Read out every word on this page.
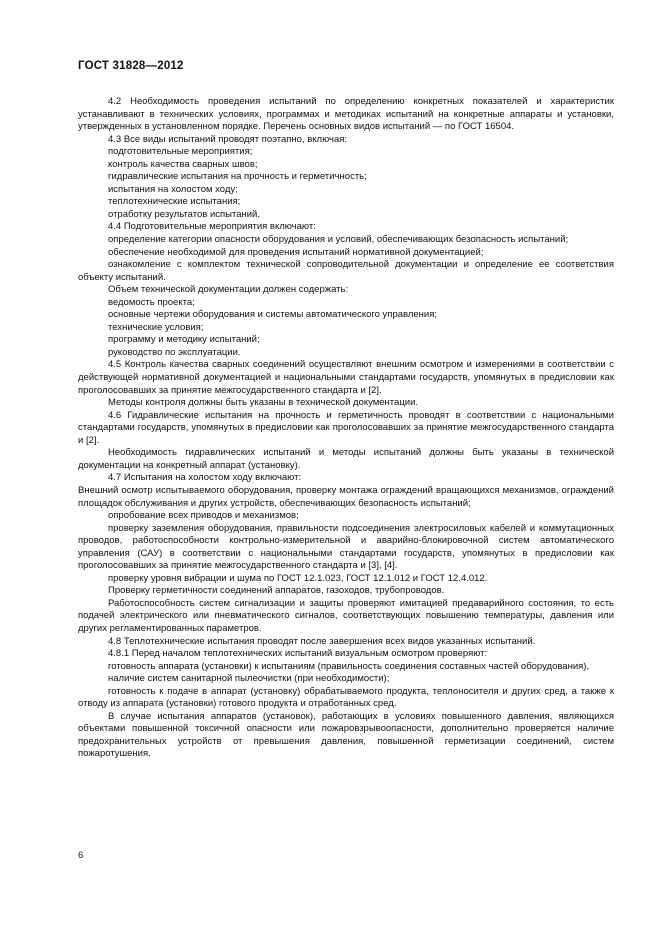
ГОСТ 31828—2012

4.2 Необходимость проведения испытаний по определению конкретных показателей и характеристик устанавливают в технических условиях, программах и методиках испытаний на конкретные аппараты и установки, утвержденных в установленном порядке. Перечень основных видов испытаний — по ГОСТ 16504.

4.3 Все виды испытаний проводят поэтапно, включая:

подготовительные мероприятия;

контроль качества сварных швов;

гидравлические испытания на прочность и герметичность;

испытания на холостом ходу;

теплотехнические испытания;

отработку результатов испытаний.

4.4 Подготовительные мероприятия включают:

определение категории опасности оборудования и условий, обеспечивающих безопасность испытаний;

обеспечение необходимой для проведения испытаний нормативной документацией;

ознакомление с комплектом технической сопроводительной документации и определение ее соответствия объекту испытаний.

Объем технической документации должен содержать:

ведомость проекта;

основные чертежи оборудования и системы автоматического управления;

технические условия;

программу и методику испытаний;

руководство по эксплуатации.

4.5 Контроль качества сварных соединений осуществляют внешним осмотром и измерениями в соответствии с действующей нормативной документацией и национальными стандартами государств, упомянутых в предисловии как проголосовавших за принятие межгосударственного стандарта и [2].

Методы контроля должны быть указаны в технической документации.

4.6 Гидравлические испытания на прочность и герметичность проводят в соответствии с национальными стандартами государств, упомянутых в предисловии как проголосовавших за принятие межгосударственного стандарта и [2].

Необходимость гидравлических испытаний и методы испытаний должны быть указаны в технической документации на конкретный аппарат (установку).

4.7 Испытания на холостом ходу включают:

Внешний осмотр испытываемого оборудования, проверку монтажа ограждений вращающихся механизмов, ограждений площадок обслуживания и других устройств, обеспечивающих безопасность испытаний;

опробование всех приводов и механизмов;

проверку заземления оборудования, правильности подсоединения электросиловых кабелей и коммутационных проводов, работоспособности контрольно-измерительной и аварийно-блокировочной систем автоматического управления (САУ) в соответствии с национальными стандартами государств, упомянутых в предисловии как проголосовавших за принятие межгосударственного стандарта и [3], [4].

проверку уровня вибрации и шума по ГОСТ 12.1.023, ГОСТ 12.1.012 и ГОСТ 12.4.012.

Проверку герметичности соединений аппаратов, газоходов, трубопроводов.

Работоспособность систем сигнализации и защиты проверяют имитацией предаварийного состояния, то есть подачей электрического или пневматического сигналов, соответствующих повышению температуры, давления или других регламентированных параметров.

4.8 Теплотехнические испытания проводят после завершения всех видов указанных испытаний.

4.8.1 Перед началом теплотехнических испытаний визуальным осмотром проверяют:

готовность аппарата (установки) к испытаниям (правильность соединения составных частей оборудования),

наличие систем санитарной пылеочистки (при необходимости);

готовность к подаче в аппарат (установку) обрабатываемого продукта, теплоносителя и других сред, а также к отводу из аппарата (установки) готового продукта и отработанных сред.

В случае испытания аппаратов (установок), работающих в условиях повышенного давления, являющихся объектами повышенной токсичной опасности или пожаровзрывоопасности, дополнительно проверяется наличие предохранительных устройств от превышения давления, повышенной герметизации соединений, систем пожаротушения.

6
